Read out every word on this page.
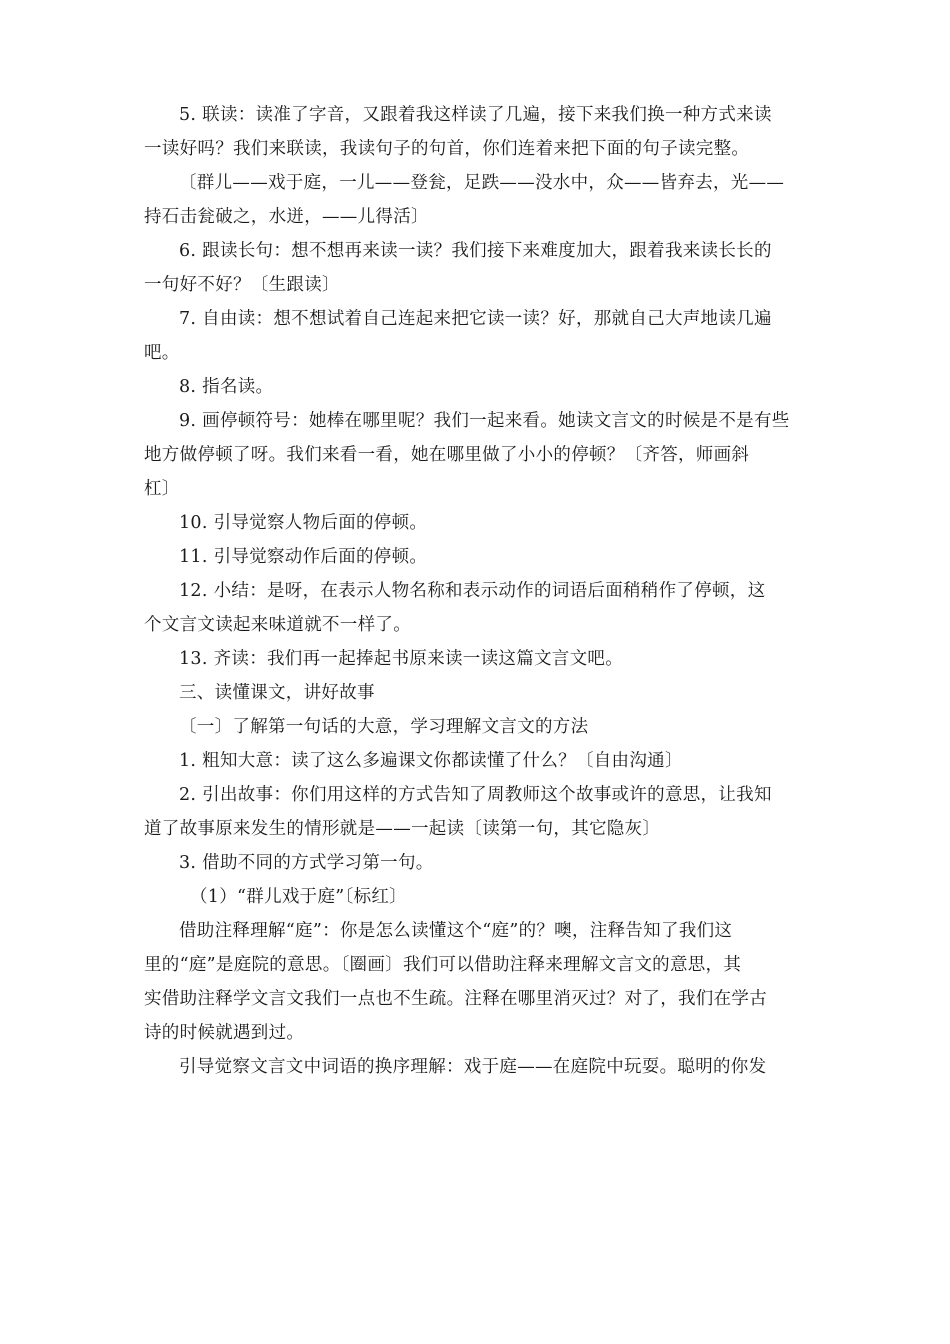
5. 联读：读准了字音，又跟着我这样读了几遍，接下来我们换一种方式来读
一读好吗？我们来联读，我读句子的句首，你们连着来把下面的句子读完整。
〔群儿——戏于庭，一儿——登瓮，足跌——没水中，众——皆弃去，光——
持石击瓮破之，水迸，——儿得活〕
6. 跟读长句：想不想再来读一读？我们接下来难度加大，跟着我来读长长的
一句好不好？〔生跟读〕
7. 自由读：想不想试着自己连起来把它读一读？好，那就自己大声地读几遍
吧。
8. 指名读。
9. 画停顿符号：她棒在哪里呢？我们一起来看。她读文言文的时候是不是有些
地方做停顿了呀。我们来看一看，她在哪里做了小小的停顿？〔齐答，师画斜
杠〕
10. 引导觉察人物后面的停顿。
11. 引导觉察动作后面的停顿。
12. 小结：是呀，在表示人物名称和表示动作的词语后面稍稍作了停顿，这
个文言文读起来味道就不一样了。
13. 齐读：我们再一起捧起书原来读一读这篇文言文吧。
三、读懂课文，讲好故事
〔一〕了解第一句话的大意，学习理解文言文的方法
1. 粗知大意：读了这么多遍课文你都读懂了什么？〔自由沟通〕
2. 引出故事：你们用这样的方式告知了周教师这个故事或许的意思，让我知
道了故事原来发生的情形就是——一起读〔读第一句，其它隐灰〕
3. 借助不同的方式学习第一句。
（1）“群儿戏于庭”〔标红〕
借助注释理解“庭”：你是怎么读懂这个“庭”的？噢，注释告知了我们这
里的“庭”是庭院的意思。〔圈画〕我们可以借助注释来理解文言文的意思，其
实借助注释学文言文我们一点也不生疏。注释在哪里消灭过？对了，我们在学古
诗的时候就遇到过。
引导觉察文言文中词语的换序理解：戏于庭——在庭院中玩耍。聪明的你发
